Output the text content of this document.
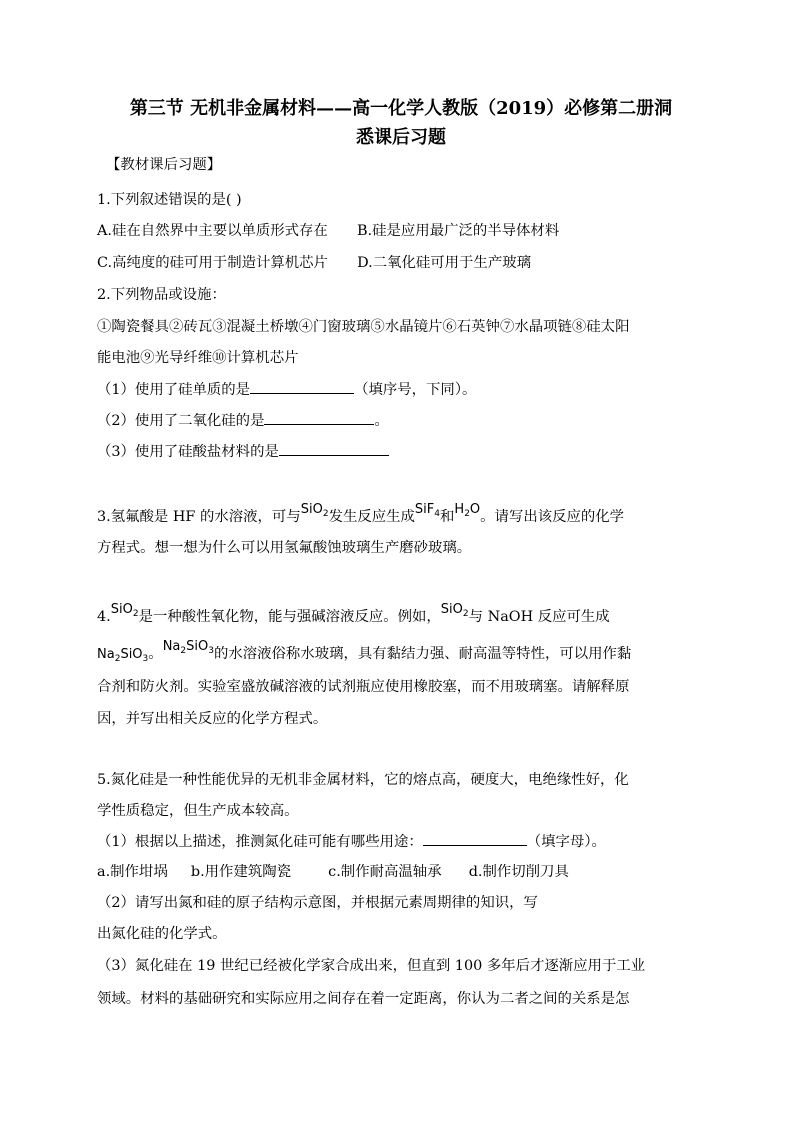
第三节 无机非金属材料——高一化学人教版（2019）必修第二册洞
悉课后习题
【教材课后习题】
1.下列叙述错误的是( )
A.硅在自然界中主要以单质形式存在 B.硅是应用最广泛的半导体材料
C.高纯度的硅可用于制造计算机芯片 D.二氧化硅可用于生产玻璃
2.下列物品或设施：
①陶瓷餐具②砖瓦③混凝土桥墩④门窗玻璃⑤水晶镜片⑥石英钟⑦水晶项链⑧硅太阳
能电池⑨光导纤维⑩计算机芯片
（1）使用了硅单质的是	（填序号，下同）。
（2）使用了二氧化硅的是	。
（3）使用了硅酸盐材料的是
3.氢氟酸是 HF 的水溶液，可与SiO$_2$发生反应生成SiF$_4$和$H_2O$。请写出该反应的化学
方程式。想一想为什么可以用氢氟酸蚀玻璃生产磨砂玻璃。
4.SiO$_2$是一种酸性氧化物，能与强碱溶液反应。例如，SiO$_2$与 NaOH 反应可生成
$Na_2SiO_3$。$Na_2SiO_3$的水溶液俗称水玻璃，具有黏结力强、耐高温等特性，可以用作黏
合剂和防火剂。实验室盛放碱溶液的试剂瓶应使用橡胶塞，而不用玻璃塞。请解释原
因，并写出相关反应的化学方程式。
5.氮化硅是一种性能优异的无机非金属材料，它的熔点高，硬度大，电绝缘性好，化
学性质稳定，但生产成本较高。
（1）根据以上描述，推测氮化硅可能有哪些用途：	（填字母）。
a.制作坩埚 b.用作建筑陶瓷	c.制作耐高温轴承 d.制作切削刀具
（2）请写出氮和硅的原子结构示意图，并根据元素周期律的知识，写
出氮化硅的化学式。
（3）氮化硅在 19 世纪已经被化学家合成出来，但直到 100 多年后才逐渐应用于工业
领域。材料的基础研究和实际应用之间存在着一定距离，你认为二者之间的关系是怎
